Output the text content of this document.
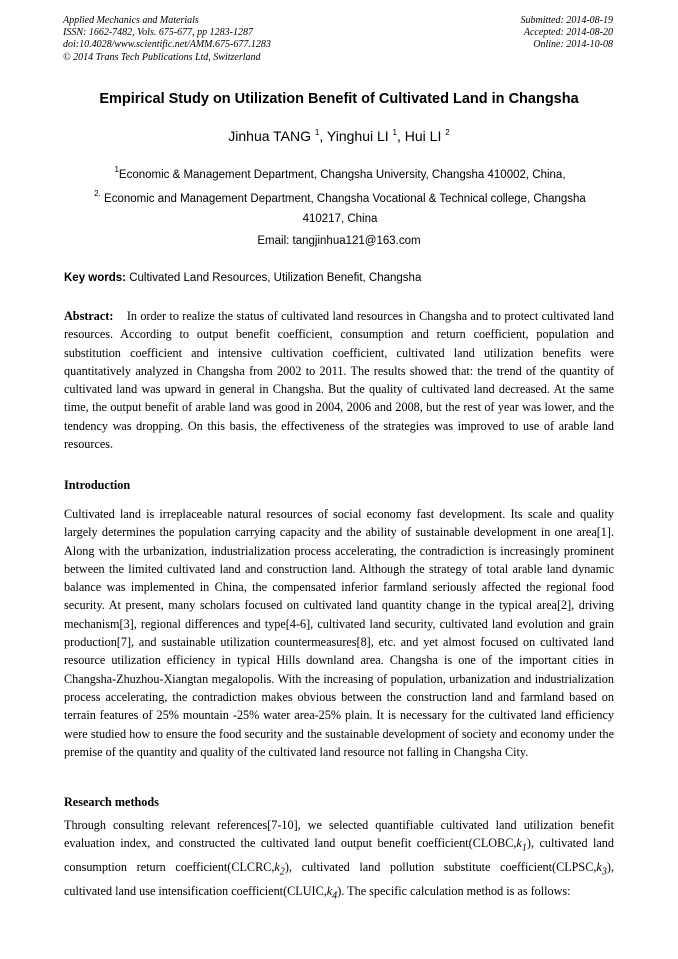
Applied Mechanics and Materials
ISSN: 1662-7482, Vols. 675-677, pp 1283-1287
doi:10.4028/www.scientific.net/AMM.675-677.1283
© 2014 Trans Tech Publications Ltd, Switzerland
Submitted: 2014-08-19
Accepted: 2014-08-20
Online: 2014-10-08
Empirical Study on Utilization Benefit of Cultivated Land in Changsha
Jinhua TANG $^1$, Yinghui LI $^1$, Hui LI $^2$
$^1$Economic & Management Department, Changsha University, Changsha 410002, China,
$^{2.}$ Economic and Management Department, Changsha Vocational & Technical college, Changsha 410217, China
Email: tangjinhua121@163.com
Key words: Cultivated Land Resources, Utilization Benefit, Changsha
Abstract: In order to realize the status of cultivated land resources in Changsha and to protect cultivated land resources. According to output benefit coefficient, consumption and return coefficient, population and substitution coefficient and intensive cultivation coefficient, cultivated land utilization benefits were quantitatively analyzed in Changsha from 2002 to 2011. The results showed that: the trend of the quantity of cultivated land was upward in general in Changsha. But the quality of cultivated land decreased. At the same time, the output benefit of arable land was good in 2004, 2006 and 2008, but the rest of year was lower, and the tendency was dropping. On this basis, the effectiveness of the strategies was improved to use of arable land resources.
Introduction
Cultivated land is irreplaceable natural resources of social economy fast development. Its scale and quality largely determines the population carrying capacity and the ability of sustainable development in one area[1]. Along with the urbanization, industrialization process accelerating, the contradiction is increasingly prominent between the limited cultivated land and construction land. Although the strategy of total arable land dynamic balance was implemented in China, the compensated inferior farmland seriously affected the regional food security. At present, many scholars focused on cultivated land quantity change in the typical area[2], driving mechanism[3], regional differences and type[4-6], cultivated land security, cultivated land evolution and grain production[7], and sustainable utilization countermeasures[8], etc. and yet almost focused on cultivated land resource utilization efficiency in typical Hills downland area. Changsha is one of the important cities in Changsha-Zhuzhou-Xiangtan megalopolis. With the increasing of population, urbanization and industrialization process accelerating, the contradiction makes obvious between the construction land and farmland based on terrain features of 25% mountain -25% water area-25% plain. It is necessary for the cultivated land efficiency were studied how to ensure the food security and the sustainable development of society and economy under the premise of the quantity and quality of the cultivated land resource not falling in Changsha City.
Research methods
Through consulting relevant references[7-10], we selected quantifiable cultivated land utilization benefit evaluation index, and constructed the cultivated land output benefit $coefficient(CLOBC,k_1)$, cultivated land consumption return $coefficient(CLCRC,k_2)$, cultivated land pollution substitute $coefficient(CLPSC,k_3)$, cultivated land use intensification $coefficient(CLUIC,k_4)$. The specific calculation method is as follows:
